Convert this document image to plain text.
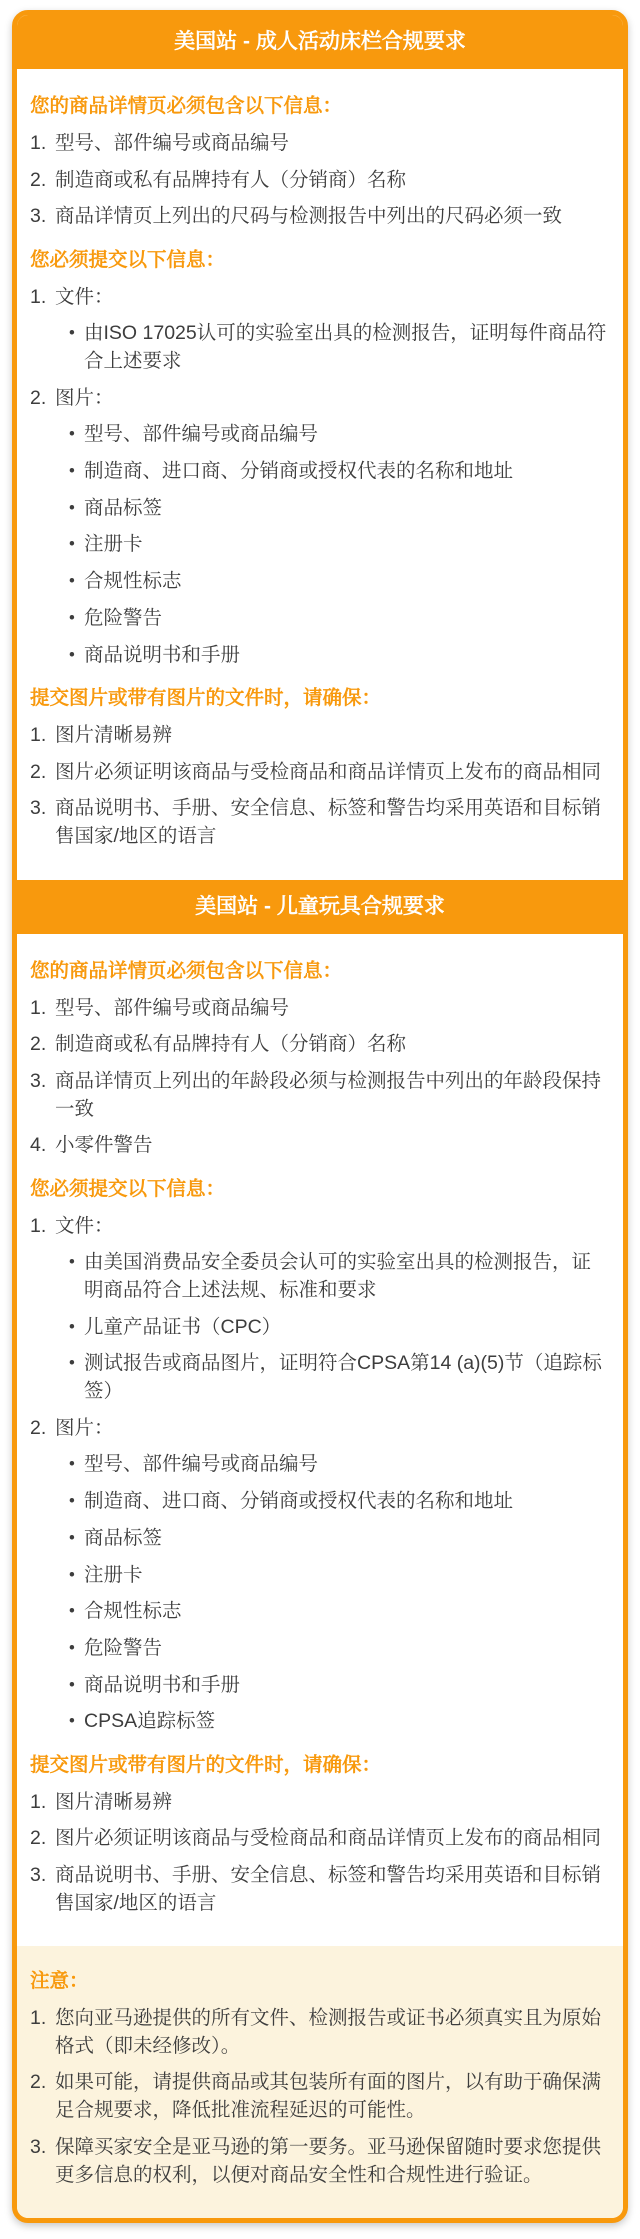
美国站 - 成人活动床栏合规要求

您的商品详情页必须包含以下信息：

型号、部件编号或商品编号
制造商或私有品牌持有人（分销商）名称
商品详情页上列出的尺码与检测报告中列出的尺码必须一致

您必须提交以下信息：

文件：
• 由ISO 17025认可的实验室出具的检测报告，证明每件商品符合上述要求
图片：
• 型号、部件编号或商品编号
• 制造商、进口商、分销商或授权代表的名称和地址
• 商品标签
• 注册卡
• 合规性标志
• 危险警告
• 商品说明书和手册

提交图片或带有图片的文件时，请确保：

图片清晰易辨
图片必须证明该商品与受检商品和商品详情页上发布的商品相同
商品说明书、手册、安全信息、标签和警告均采用英语和目标销售国家/地区的语言
美国站 - 儿童玩具合规要求

您的商品详情页必须包含以下信息：

型号、部件编号或商品编号
制造商或私有品牌持有人（分销商）名称
商品详情页上列出的年龄段必须与检测报告中列出的年龄段保持一致
小零件警告

您必须提交以下信息：

文件：
• 由美国消费品安全委员会认可的实验室出具的检测报告，证明商品符合上述法规、标准和要求
• 儿童产品证书（CPC）
• 测试报告或商品图片，证明符合CPSA第14 (a)(5)节（追踪标签）
图片：
• 型号、部件编号或商品编号
• 制造商、进口商、分销商或授权代表的名称和地址
• 商品标签
• 注册卡
• 合规性标志
• 危险警告
• 商品说明书和手册
• CPSA追踪标签

提交图片或带有图片的文件时，请确保：

图片清晰易辨
图片必须证明该商品与受检商品和商品详情页上发布的商品相同
商品说明书、手册、安全信息、标签和警告均采用英语和目标销售国家/地区的语言

注意：

您向亚马逊提供的所有文件、检测报告或证书必须真实且为原始格式（即未经修改）。
如果可能，请提供商品或其包装所有面的图片，以有助于确保满足合规要求，降低批准流程延迟的可能性。
保障买家安全是亚马逊的第一要务。亚马逊保留随时要求您提供更多信息的权利，以便对商品安全性和合规性进行验证。
